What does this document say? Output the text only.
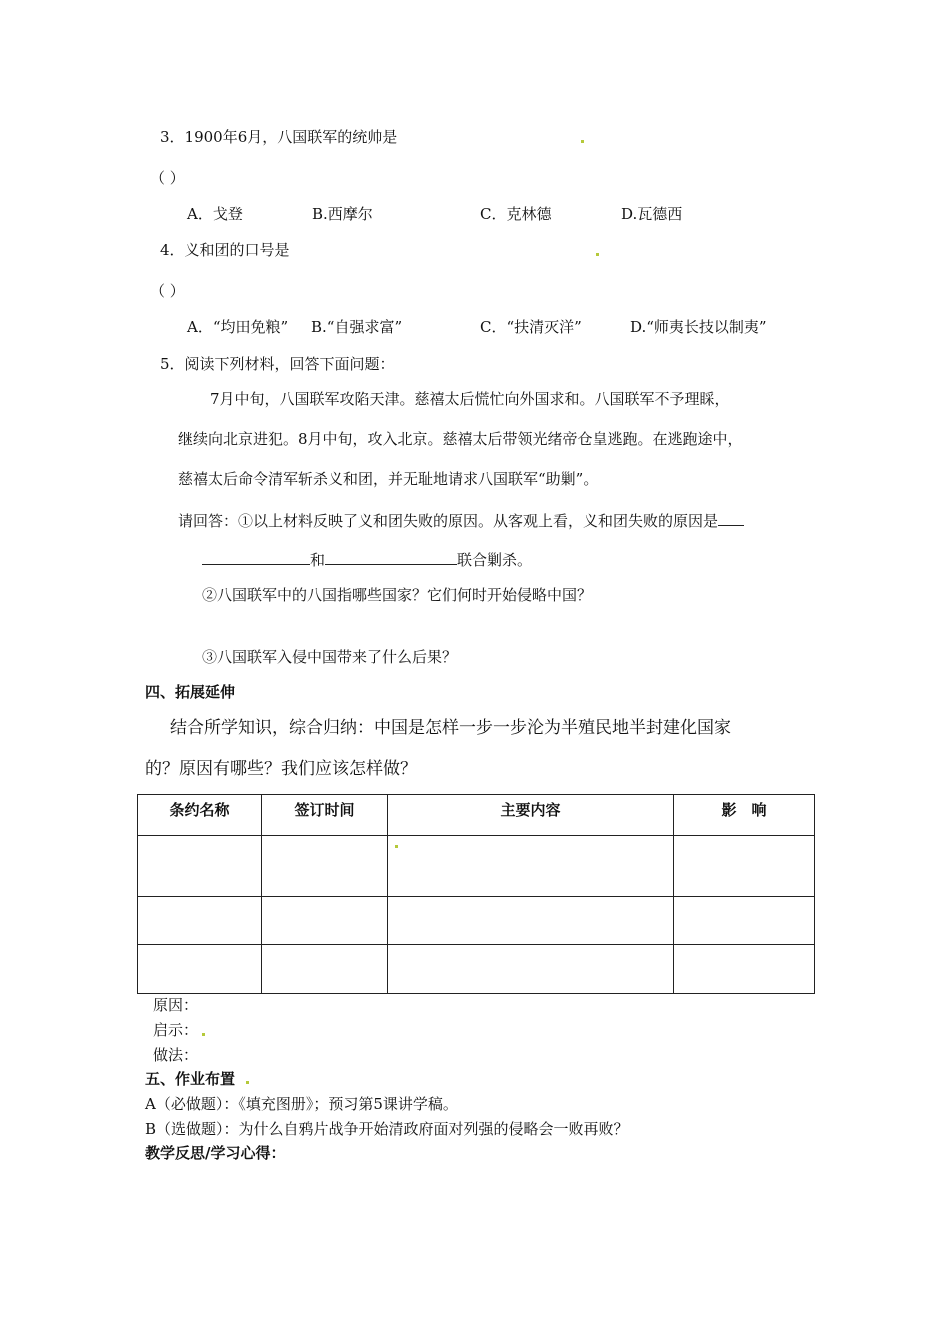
3．1900年6月，八国联军的统帅是
（ ）
A．戈登	B.西摩尔	C．克林德	D.瓦德西
4．义和团的口号是
（ ）
A．“均田免粮” B.“自强求富”	C．“扶清灭洋”	D.“师夷长技以制夷”
5．阅读下列材料，回答下面问题：
7月中旬，八国联军攻陷天津。慈禧太后慌忙向外国求和。八国联军不予理睬，
继续向北京进犯。8月中旬，攻入北京。慈禧太后带领光绪帝仓皇逃跑。在逃跑途中，
慈禧太后命令清军斩杀义和团，并无耻地请求八国联军“助剿”。
请回答：①以上材料反映了义和团失败的原因。从客观上看，义和团失败的原因是
和	联合剿杀。
②八国联军中的八国指哪些国家？它们何时开始侵略中国？
③八国联军入侵中国带来了什么后果？
四、拓展延伸
结合所学知识，综合归纳：中国是怎样一步一步沦为半殖民地半封建化国家
的？原因有哪些？我们应该怎样做？
条约名称	签订时间	主要内容	影　响

原因：
启示：
做法：
五、作业布置
A（必做题）：《填充图册》；预习第5课讲学稿。
B（选做题）：为什么自鸦片战争开始清政府面对列强的侵略会一败再败？
教学反思/学习心得：
